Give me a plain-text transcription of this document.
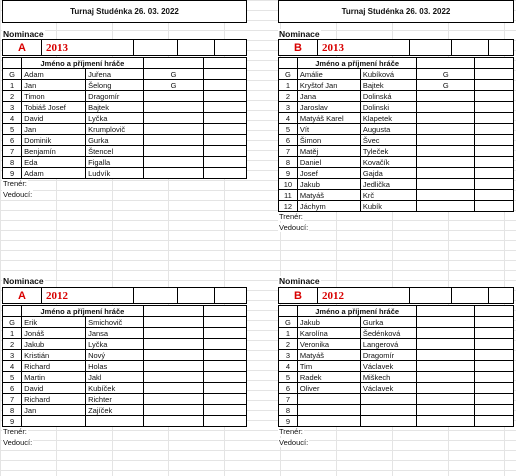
Turnaj Studénka 26. 03. 2022	Turnaj Studénka 26. 03. 2022
Nominace
A	2013
	Jméno a příjmení hráče			
G	Adam	Juřena	G	
1	Jan	Šelong	G	
2	Timon	Dragomír		
3	Tobiáš Josef	Bajtek		
4	David	Lyčka		
5	Jan	Krumplovič		
6	Dominik	Gurka		
7	Benjamín	Štencel		
8	Eda	Figalla		
9	Adam	Ludvík		
Trenér:
Vedoucí:
Nominace
B	2013
	Jméno a příjmení hráče			
G	Amálie	Kubíková	G	
1	Kryštof Jan	Bajtek	G	
2	Jana	Dolinská		
3	Jaroslav	Dolinski		
4	Matyáš Karel	Klapetek		
5	Vít	Augusta		
6	Šimon	Švec		
7	Matěj	Tyleček		
8	Daniel	Kovačík		
9	Josef	Gajda		
10	Jakub	Jedlička		
11	Matyáš	Krč		
12	Jáchym	Kubík		
Trenér:
Vedoucí:
Nominace
A	2012
	Jméno a příjmení hráče			
G	Erik	Smichovič		
1	Jonáš	Jansa		
2	Jakub	Lyčka		
3	Kristián	Nový		
4	Richard	Holas		
5	Martin	Jakl		
6	David	Kubíček		
7	Richard	Richter		
8	Jan	Zajíček		
9				
Trenér:
Vedoucí:
Nominace
B	2012
	Jméno a příjmení hráče			
G	Jakub	Gurka		
1	Karolína	Šedénková		
2	Veronika	Langerová		
3	Matyáš	Dragomír		
4	Tim	Václavek		
5	Radek	Miškech		
6	Oliver	Václavek		
7				
8				
9				
Trenér:
Vedoucí:
